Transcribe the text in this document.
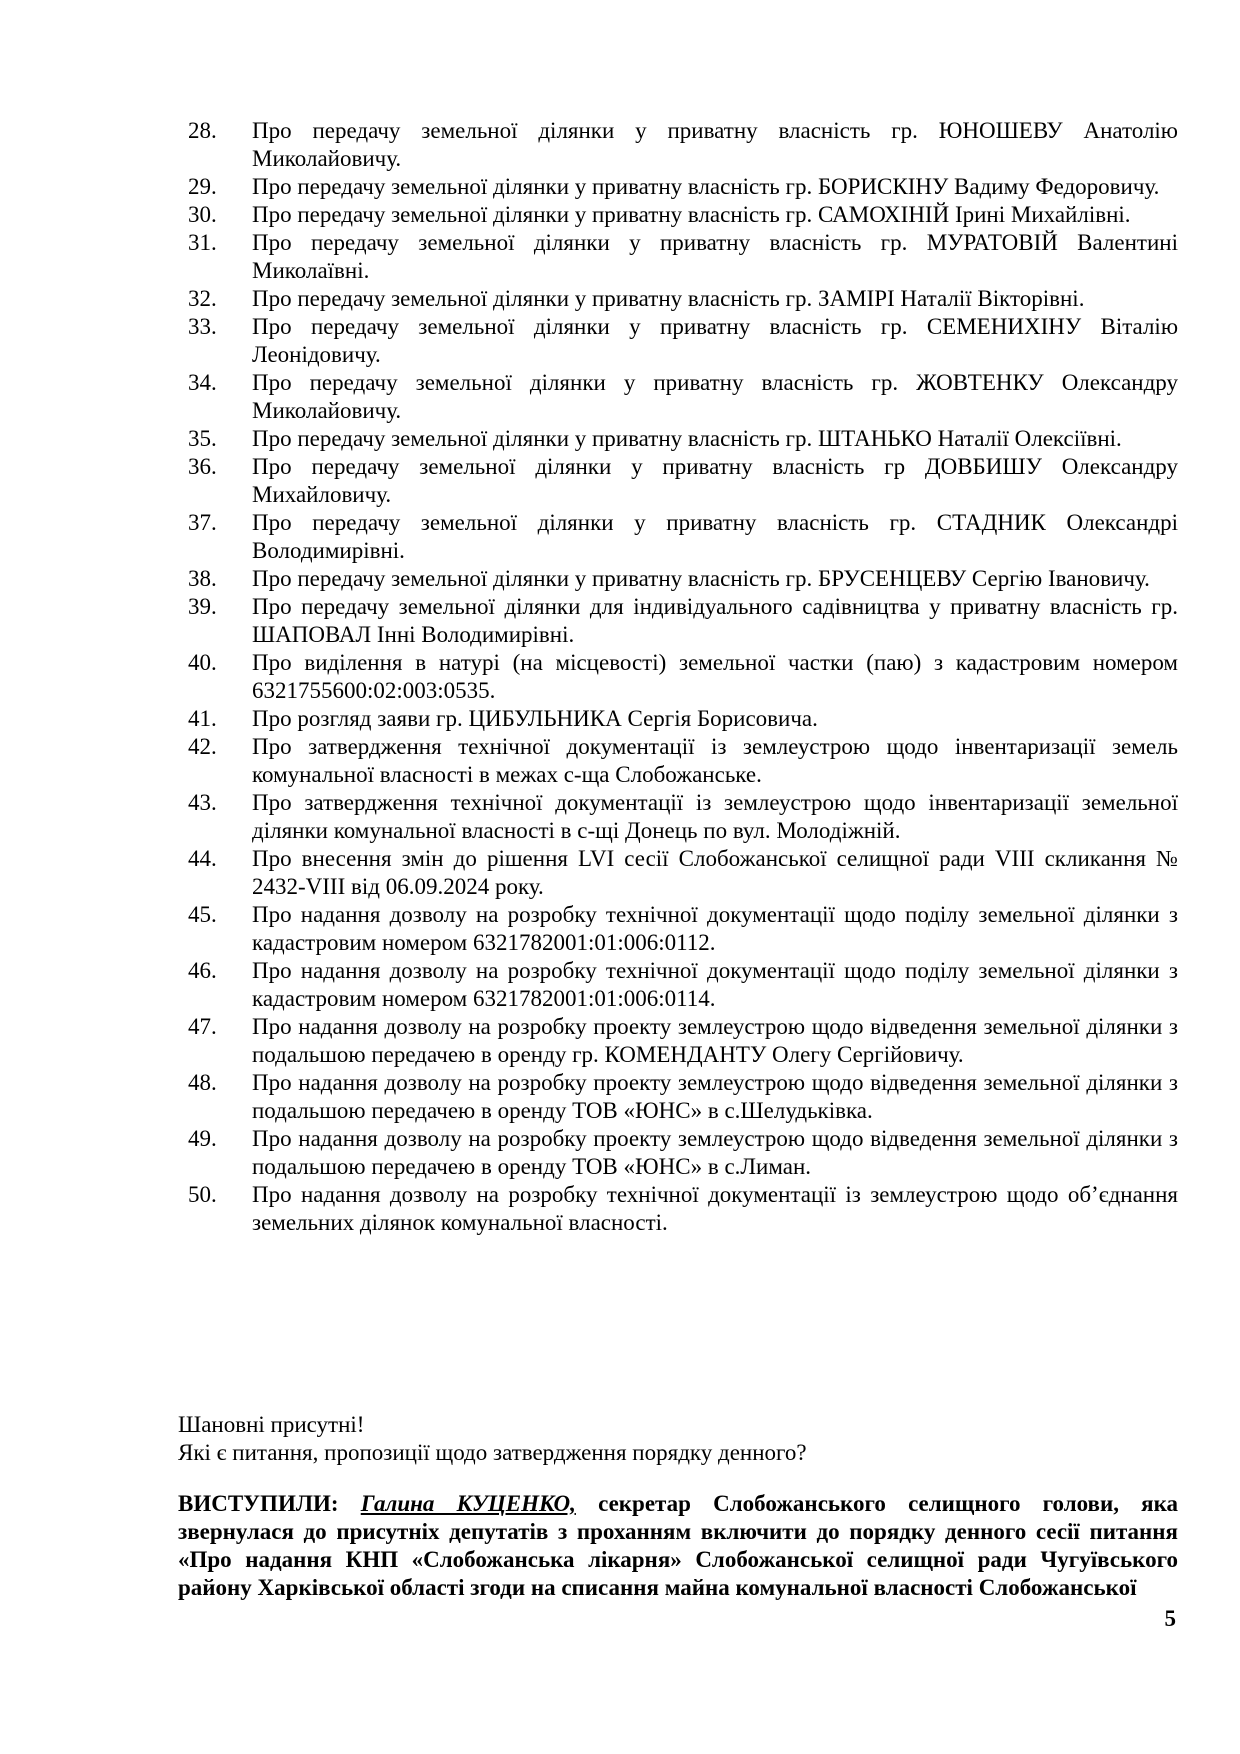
28.	Про передачу земельної ділянки у приватну власність гр. ЮНОШЕВУ Анатолію Миколайовичу.
29.	Про передачу земельної ділянки у приватну власність гр. БОРИСКІНУ Вадиму Федоровичу.
30.	Про передачу земельної ділянки у приватну власність гр. САМОХІНІЙ Ірині Михайлівні.
31.	Про передачу земельної ділянки у приватну власність гр. МУРАТОВІЙ Валентині Миколаївні.
32.	Про передачу земельної ділянки у приватну власність гр. ЗАМІРІ Наталії Вікторівні.
33.	Про передачу земельної ділянки у приватну власність гр. СЕМЕНИХІНУ Віталію Леонідовичу.
34.	Про передачу земельної ділянки у приватну власність гр. ЖОВТЕНКУ Олександру Миколайовичу.
35.	Про передачу земельної ділянки у приватну власність гр. ШТАНЬКО Наталії Олексіївні.
36.	Про передачу земельної ділянки у приватну власність гр ДОВБИШУ Олександру Михайловичу.
37.	Про передачу земельної ділянки у приватну власність гр. СТАДНИК Олександрі Володимирівні.
38.	Про передачу земельної ділянки у приватну власність гр. БРУСЕНЦЕВУ Сергію Івановичу.
39.	Про передачу земельної ділянки для індивідуального садівництва у приватну власність гр. ШАПОВАЛ Інні Володимирівні.
40.	Про виділення в натурі (на місцевості) земельної частки (паю) з кадастровим номером 6321755600:02:003:0535.
41.	Про розгляд заяви гр. ЦИБУЛЬНИКА Сергія Борисовича.
42.	Про затвердження технічної документації із землеустрою щодо інвентаризації земель комунальної власності в межах с-ща Слобожанське.
43.	Про затвердження технічної документації із землеустрою щодо інвентаризації земельної ділянки комунальної власності в с-щі Донець по вул. Молодіжній.
44.	Про внесення змін до рішення LVI сесії Слобожанської селищної ради VIII скликання № 2432-VIII від 06.09.2024 року.
45.	Про надання дозволу на розробку технічної документації щодо поділу земельної ділянки з кадастровим номером 6321782001:01:006:0112.
46.	Про надання дозволу на розробку технічної документації щодо поділу земельної ділянки з кадастровим номером 6321782001:01:006:0114.
47.	Про надання дозволу на розробку проекту землеустрою щодо відведення земельної ділянки з подальшою передачею в оренду гр. КОМЕНДАНТУ Олегу Сергійовичу.
48.	Про надання дозволу на розробку проекту землеустрою щодо відведення земельної ділянки з подальшою передачею в оренду ТОВ «ЮНС» в с.Шелудьківка.
49.	Про надання дозволу на розробку проекту землеустрою щодо відведення земельної ділянки з подальшою передачею в оренду ТОВ «ЮНС» в с.Лиман.
50.	Про надання дозволу на розробку технічної документації із землеустрою щодо об’єднання земельних ділянок комунальної власності.

Шановні присутні!

Які є питання, пропозиції щодо затвердження порядку денного?

ВИСТУПИЛИ: Галина КУЦЕНКО, секретар Слобожанського селищного голови, яка звернулася до присутніх депутатів з проханням включити до порядку денного сесії питання «Про надання КНП «Слобожанська лікарня» Слобожанської селищної ради Чугуївського району Харківської області згоди на списання майна комунальної власності Слобожанської

5
